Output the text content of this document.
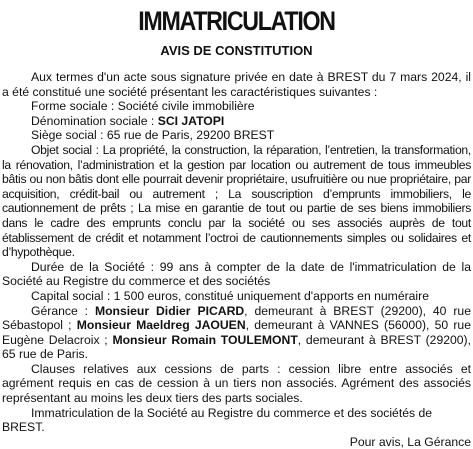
IMMATRICULATION
AVIS DE CONSTITUTION

Aux termes d'un acte sous signature privée en date à BREST du 7 mars 2024, il a été constitué une société présentant les caractéristiques suivantes :

Forme sociale : Société civile immobilière

Dénomination sociale : SCI JATOPI

Siège social : 65 rue de Paris, 29200 BREST

Objet social : La propriété, la construction, la réparation, l’entretien, la transformation, la rénovation, l’administration et la gestion par location ou autrement de tous immeubles bâtis ou non bâtis dont elle pourrait devenir propriétaire, usufruitière ou nue propriétaire, par acquisition, crédit-bail ou autrement ; La souscription d’emprunts immobiliers, le cautionnement de prêts ; La mise en garantie de tout ou partie de ses biens immobiliers dans le cadre des emprunts conclu par la société ou ses associés auprès de tout établissement de crédit et notamment l’octroi de cautionnements simples ou solidaires et d’hypothèque.

Durée de la Société : 99 ans à compter de la date de l'immatriculation de la Société au Registre du commerce et des sociétés

Capital social : 1 500 euros, constitué uniquement d'apports en numéraire

Gérance : Monsieur Didier PICARD, demeurant à BREST (29200), 40 rue Sébastopol ; Monsieur Maeldreg JAOUEN, demeurant à VANNES (56000), 50 rue Eugène Delacroix ; Monsieur Romain TOULEMONT, demeurant à BREST (29200), 65 rue de Paris.

Clauses relatives aux cessions de parts : cession libre entre associés et agrément requis en cas de cession à un tiers non associés. Agrément des associés représentant au moins les deux tiers des parts sociales.

Immatriculation de la Société au Registre du commerce et des sociétés de BREST.

Pour avis, La Gérance
